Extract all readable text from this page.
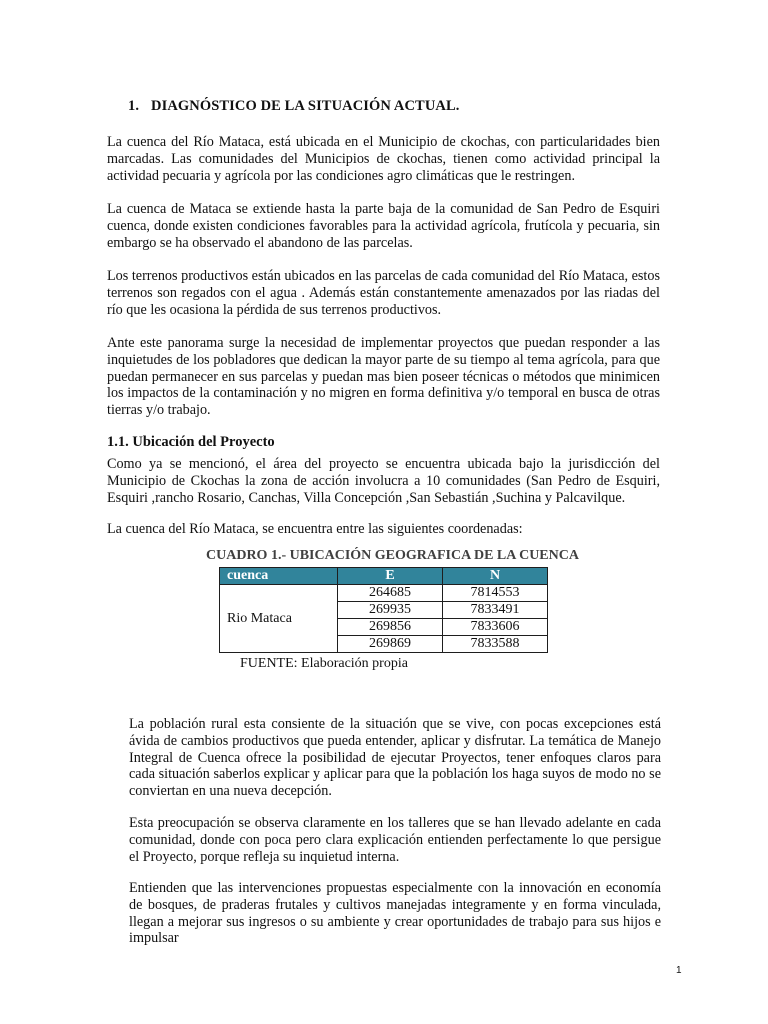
1. DIAGNÓSTICO DE LA SITUACIÓN ACTUAL.

La cuenca del Río Mataca, está ubicada en el Municipio de ckochas, con particularidades bien marcadas. Las comunidades del Municipios de ckochas, tienen como actividad principal la actividad pecuaria y agrícola por las condiciones agro climáticas que le restringen.

La cuenca de Mataca se extiende hasta la parte baja de la comunidad de San Pedro de Esquiri cuenca, donde existen condiciones favorables para la actividad agrícola, frutícola y pecuaria, sin embargo se ha observado el abandono de las parcelas.

Los terrenos productivos están ubicados en las parcelas de cada comunidad del Río Mataca, estos terrenos son regados con el agua . Además están constantemente amenazados por las riadas del río que les ocasiona la pérdida de sus terrenos productivos.

Ante este panorama surge la necesidad de implementar proyectos que puedan responder a las inquietudes de los pobladores que dedican la mayor parte de su tiempo al tema agrícola, para que puedan permanecer en sus parcelas y puedan mas bien poseer técnicas o métodos que minimicen los impactos de la contaminación y no migren en forma definitiva y/o temporal en busca de otras tierras y/o trabajo.

1.1. Ubicación del Proyecto

Como ya se mencionó, el área del proyecto se encuentra ubicada bajo la jurisdicción del Municipio de Ckochas la zona de acción involucra a 10 comunidades (San Pedro de Esquiri, Esquiri ,rancho Rosario, Canchas, Villa Concepción ,San Sebastián ,Suchina y Palcavilque.

La cuenca del Río Mataca, se encuentra entre las siguientes coordenadas:

CUADRO 1.- UBICACIÓN GEOGRAFICA DE LA CUENCA
cuenca	E	N
Rio Mataca	264685	7814553
	269935	7833491
	269856	7833606
	269869	7833588
FUENTE: Elaboración propia

La población rural esta consiente de la situación que se vive, con pocas excepciones está ávida de cambios productivos que pueda entender, aplicar y disfrutar. La temática de Manejo Integral de Cuenca ofrece la posibilidad de ejecutar Proyectos, tener enfoques claros para cada situación saberlos explicar y aplicar para que la población los haga suyos de modo no se conviertan en una nueva decepción.

Esta preocupación se observa claramente en los talleres que se han llevado adelante en cada comunidad, donde con poca pero clara explicación entienden perfectamente lo que persigue el Proyecto, porque refleja su inquietud interna.

Entienden que las intervenciones propuestas especialmente con la innovación en economía de bosques, de praderas frutales y cultivos manejadas integramente y en forma vinculada, llegan a mejorar sus ingresos o su ambiente y crear oportunidades de trabajo para sus hijos e impulsar

1
